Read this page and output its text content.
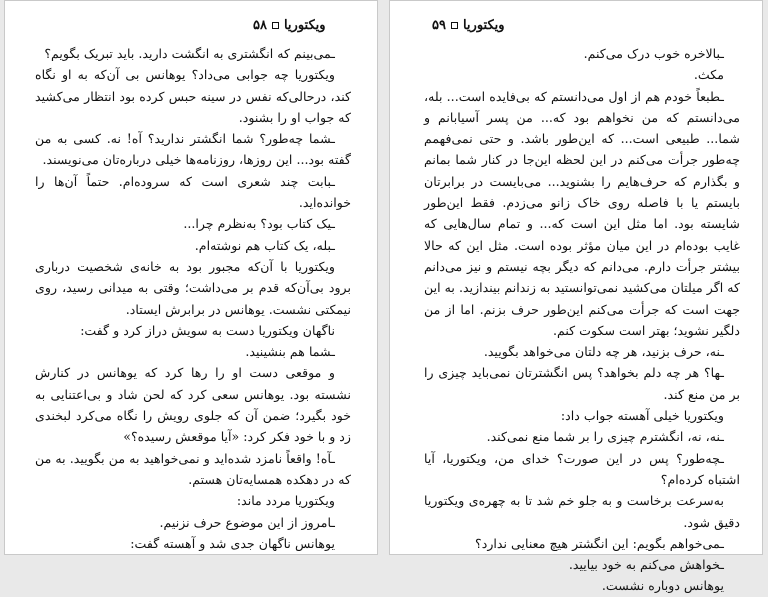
ویکتوریا
۵۸

ـمی‌بینم که انگشتری به انگشت دارید. باید تبریک بگویم؟

ویکتوریا چه جوابی می‌داد؟ یوهانس بی آن‌که به او نگاه کند، درحالی‌که نفس در سینه حبس کرده بود انتظار می‌کشید که جواب او را بشنود.

ـشما چه‌طور؟ شما انگشتر ندارید؟ آه! نه. کسی به من گفته بود... این روزها، روزنامه‌ها خیلی درباره‌تان می‌نویسند.

ـبابت چند شعری است که سروده‌ام. حتماً آن‌ها را خوانده‌اید.

ـیک کتاب بود؟ به‌نظرم چرا...

ـبله، یک کتاب هم نوشته‌ام.

ویکتوریا با آن‌که مجبور بود به خانه‌ی شخصیت درباری برود بی‌آن‌که قدم بر می‌داشت؛ وقتی به میدانی رسید، روی نیمکتی نشست. یوهانس در برابرش ایستاد.

ناگهان ویکتوریا دست به سویش دراز کرد و گفت:

ـشما هم بنشینید.

و موقعی دست او را رها کرد که یوهانس در کنارش نشسته بود. یوهانس سعی کرد که لحن شاد و بی‌اعتنایی به خود بگیرد؛ ضمن آن که جلوی رویش را نگاه می‌کرد لبخندی زد و با خود فکر کرد: «آیا موقعش رسیده؟»

ـآه! واقعاً نامزد شده‌اید و نمی‌خواهید به من بگویید. به من که در دهکده همسایه‌تان هستم.

ویکتوریا مردد ماند:

ـامروز از این موضوع حرف نزنیم.

یوهانس ناگهان جدی شد و آهسته گفت:

ویکتوریا
۵۹

ـبالاخره خوب درک می‌کنم.

مکث.

ـطبعاً خودم هم از اول می‌دانستم که بی‌فایده است... بله، می‌دانستم که من نخواهم بود که... من پسر آسیابانم و شما... طبیعی است... که این‌طور باشد. و حتی نمی‌فهمم چه‌طور جرأت می‌کنم در این لحظه این‌جا در کنار شما بمانم و بگذارم که حرف‌هایم را بشنوید... می‌بایست در برابرتان بایستم یا با فاصله روی خاک زانو می‌زدم. فقط این‌طور شایسته بود. اما مثل این است که... و تمام سال‌هایی که غایب بوده‌ام در این میان مؤثر بوده است. مثل این که حالا بیشتر جرأت دارم. می‌دانم که دیگر بچه نیستم و نیز می‌دانم که اگر میلتان می‌کشید نمی‌توانستید به زندانم بیندازید. به این جهت است که جرأت می‌کنم این‌طور حرف بزنم. اما از من دلگیر نشوید؛ بهتر است سکوت کنم.

ـنه، حرف بزنید، هر چه دلتان می‌خواهد بگویید.

ـها؟ هر چه دلم بخواهد؟ پس انگشترتان نمی‌باید چیزی را بر من منع کند.

ویکتوریا خیلی آهسته جواب داد:

ـنه، نه، انگشترم چیزی را بر شما منع نمی‌کند.

ـچه‌طور؟ پس در این صورت؟ خدای من، ویکتوریا، آیا اشتباه کرده‌ام؟

به‌سرعت برخاست و به جلو خم شد تا به چهره‌ی ویکتوریا دقیق شود.

ـمی‌خواهم بگویم: این انگشتر هیچ معنایی ندارد؟

ـخواهش می‌کنم به خود بیایید.

یوهانس دوباره نشست.
